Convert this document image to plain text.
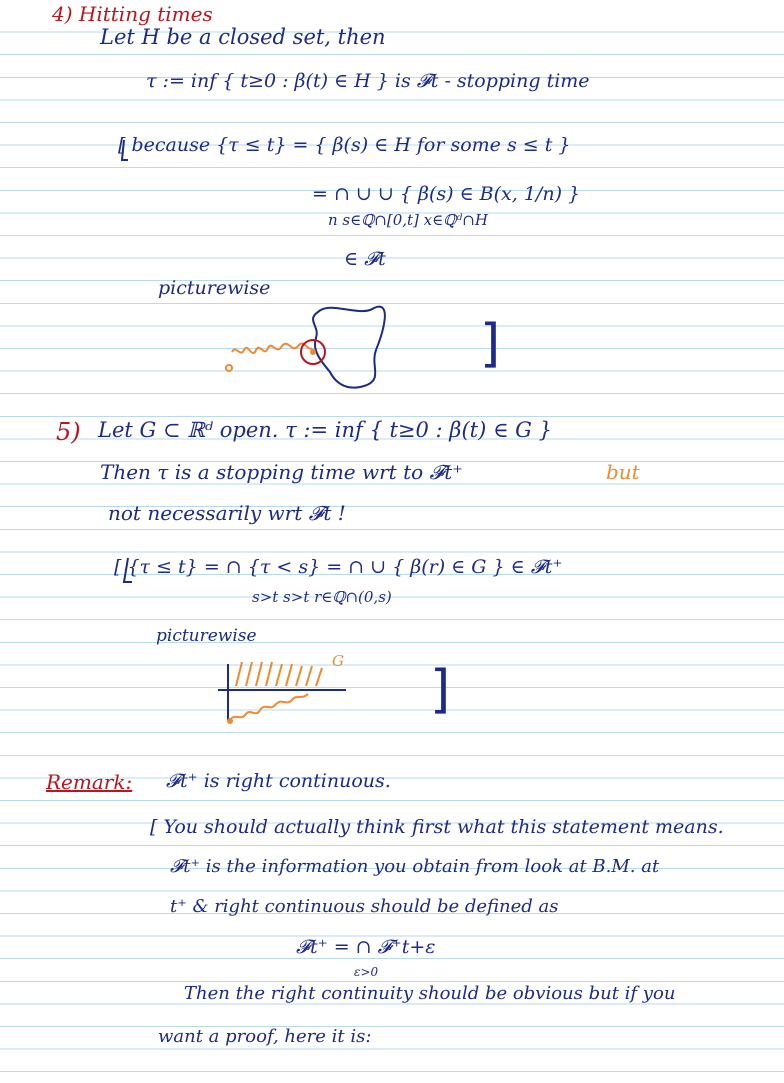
4) Hitting times
Let H be a closed set, then
τ := inf { t≥0 : β(t) ∈ H } is 𝓕t - stopping time
[ because {τ ≤ t} = { β(s) ∈ H for some s ≤ t }
= ∩ ∪ ∪ { β(s) ∈ B(x, 1/n) }
n s∈ℚ∩[0,t] x∈ℚᵈ∩H
∈ 𝓕t
picturewise
]
5) Let G ⊂ ℝᵈ open. τ := inf { t≥0 : β(t) ∈ G }
Then τ is a stopping time wrt to 𝓕t⁺	but
not necessarily wrt 𝓕t !
[ {τ ≤ t} = ∩ {τ < s} = ∩ ∪ { β(r) ∈ G } ∈ 𝓕t⁺
s>t s>t r∈ℚ∩(0,s)
picturewise
G ]
Remark: 𝓕t⁺ is right continuous.
[ You should actually think first what this statement means.
𝓕t⁺ is the information you obtain from look at B.M. at
t⁺ & right continuous should be defined as
𝓕t⁺ = ∩ 𝓕⁺t+ε
ε>0
Then the right continuity should be obvious but if you
want a proof, here it is:
